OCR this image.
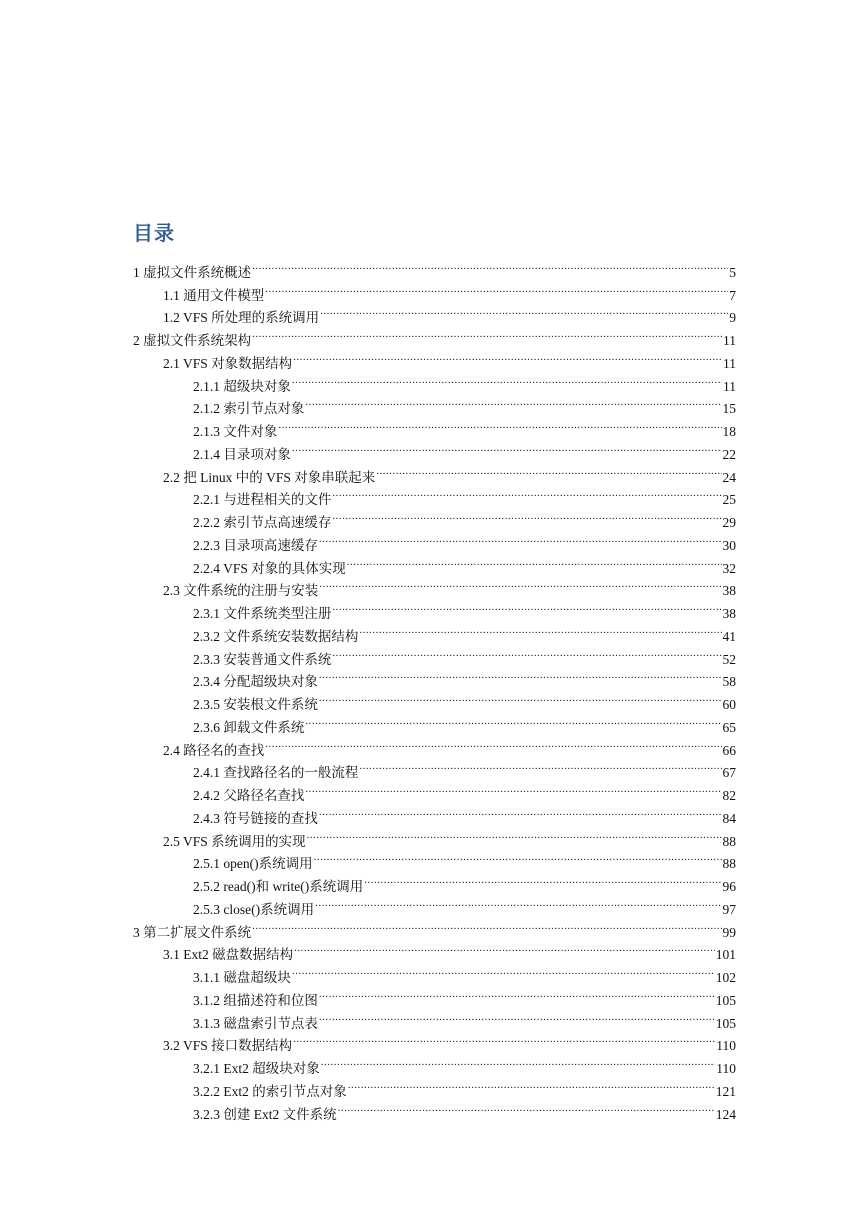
目录
1 虚拟文件系统概述 .....	5
1.1 通用文件模型 .....	7
1.2 VFS 所处理的系统调用 .....	9
2 虚拟文件系统架构 .....	11
2.1 VFS 对象数据结构 .....	11
2.1.1 超级块对象 .....	11
2.1.2 索引节点对象 .....	15
2.1.3 文件对象 .....	18
2.1.4 目录项对象 .....	22
2.2 把 Linux 中的 VFS 对象串联起来 .....	24
2.2.1 与进程相关的文件 .....	25
2.2.2 索引节点高速缓存 .....	29
2.2.3 目录项高速缓存 .....	30
2.2.4 VFS 对象的具体实现 .....	32
2.3 文件系统的注册与安装 .....	38
2.3.1 文件系统类型注册 .....	38
2.3.2 文件系统安装数据结构 .....	41
2.3.3 安装普通文件系统 .....	52
2.3.4 分配超级块对象 .....	58
2.3.5 安装根文件系统 .....	60
2.3.6 卸载文件系统 .....	65
2.4 路径名的查找 .....	66
2.4.1 查找路径名的一般流程 .....	67
2.4.2 父路径名查找 .....	82
2.4.3 符号链接的查找 .....	84
2.5 VFS 系统调用的实现 .....	88
2.5.1 open()系统调用 .....	88
2.5.2 read()和 write()系统调用 .....	96
2.5.3 close()系统调用 .....	97
3 第二扩展文件系统 .....	99
3.1 Ext2 磁盘数据结构 .....	101
3.1.1 磁盘超级块 .....	102
3.1.2 组描述符和位图 .....	105
3.1.3 磁盘索引节点表 .....	105
3.2 VFS 接口数据结构 .....	110
3.2.1 Ext2 超级块对象 .....	110
3.2.2 Ext2 的索引节点对象 .....	121
3.2.3 创建 Ext2 文件系统 .....	124
